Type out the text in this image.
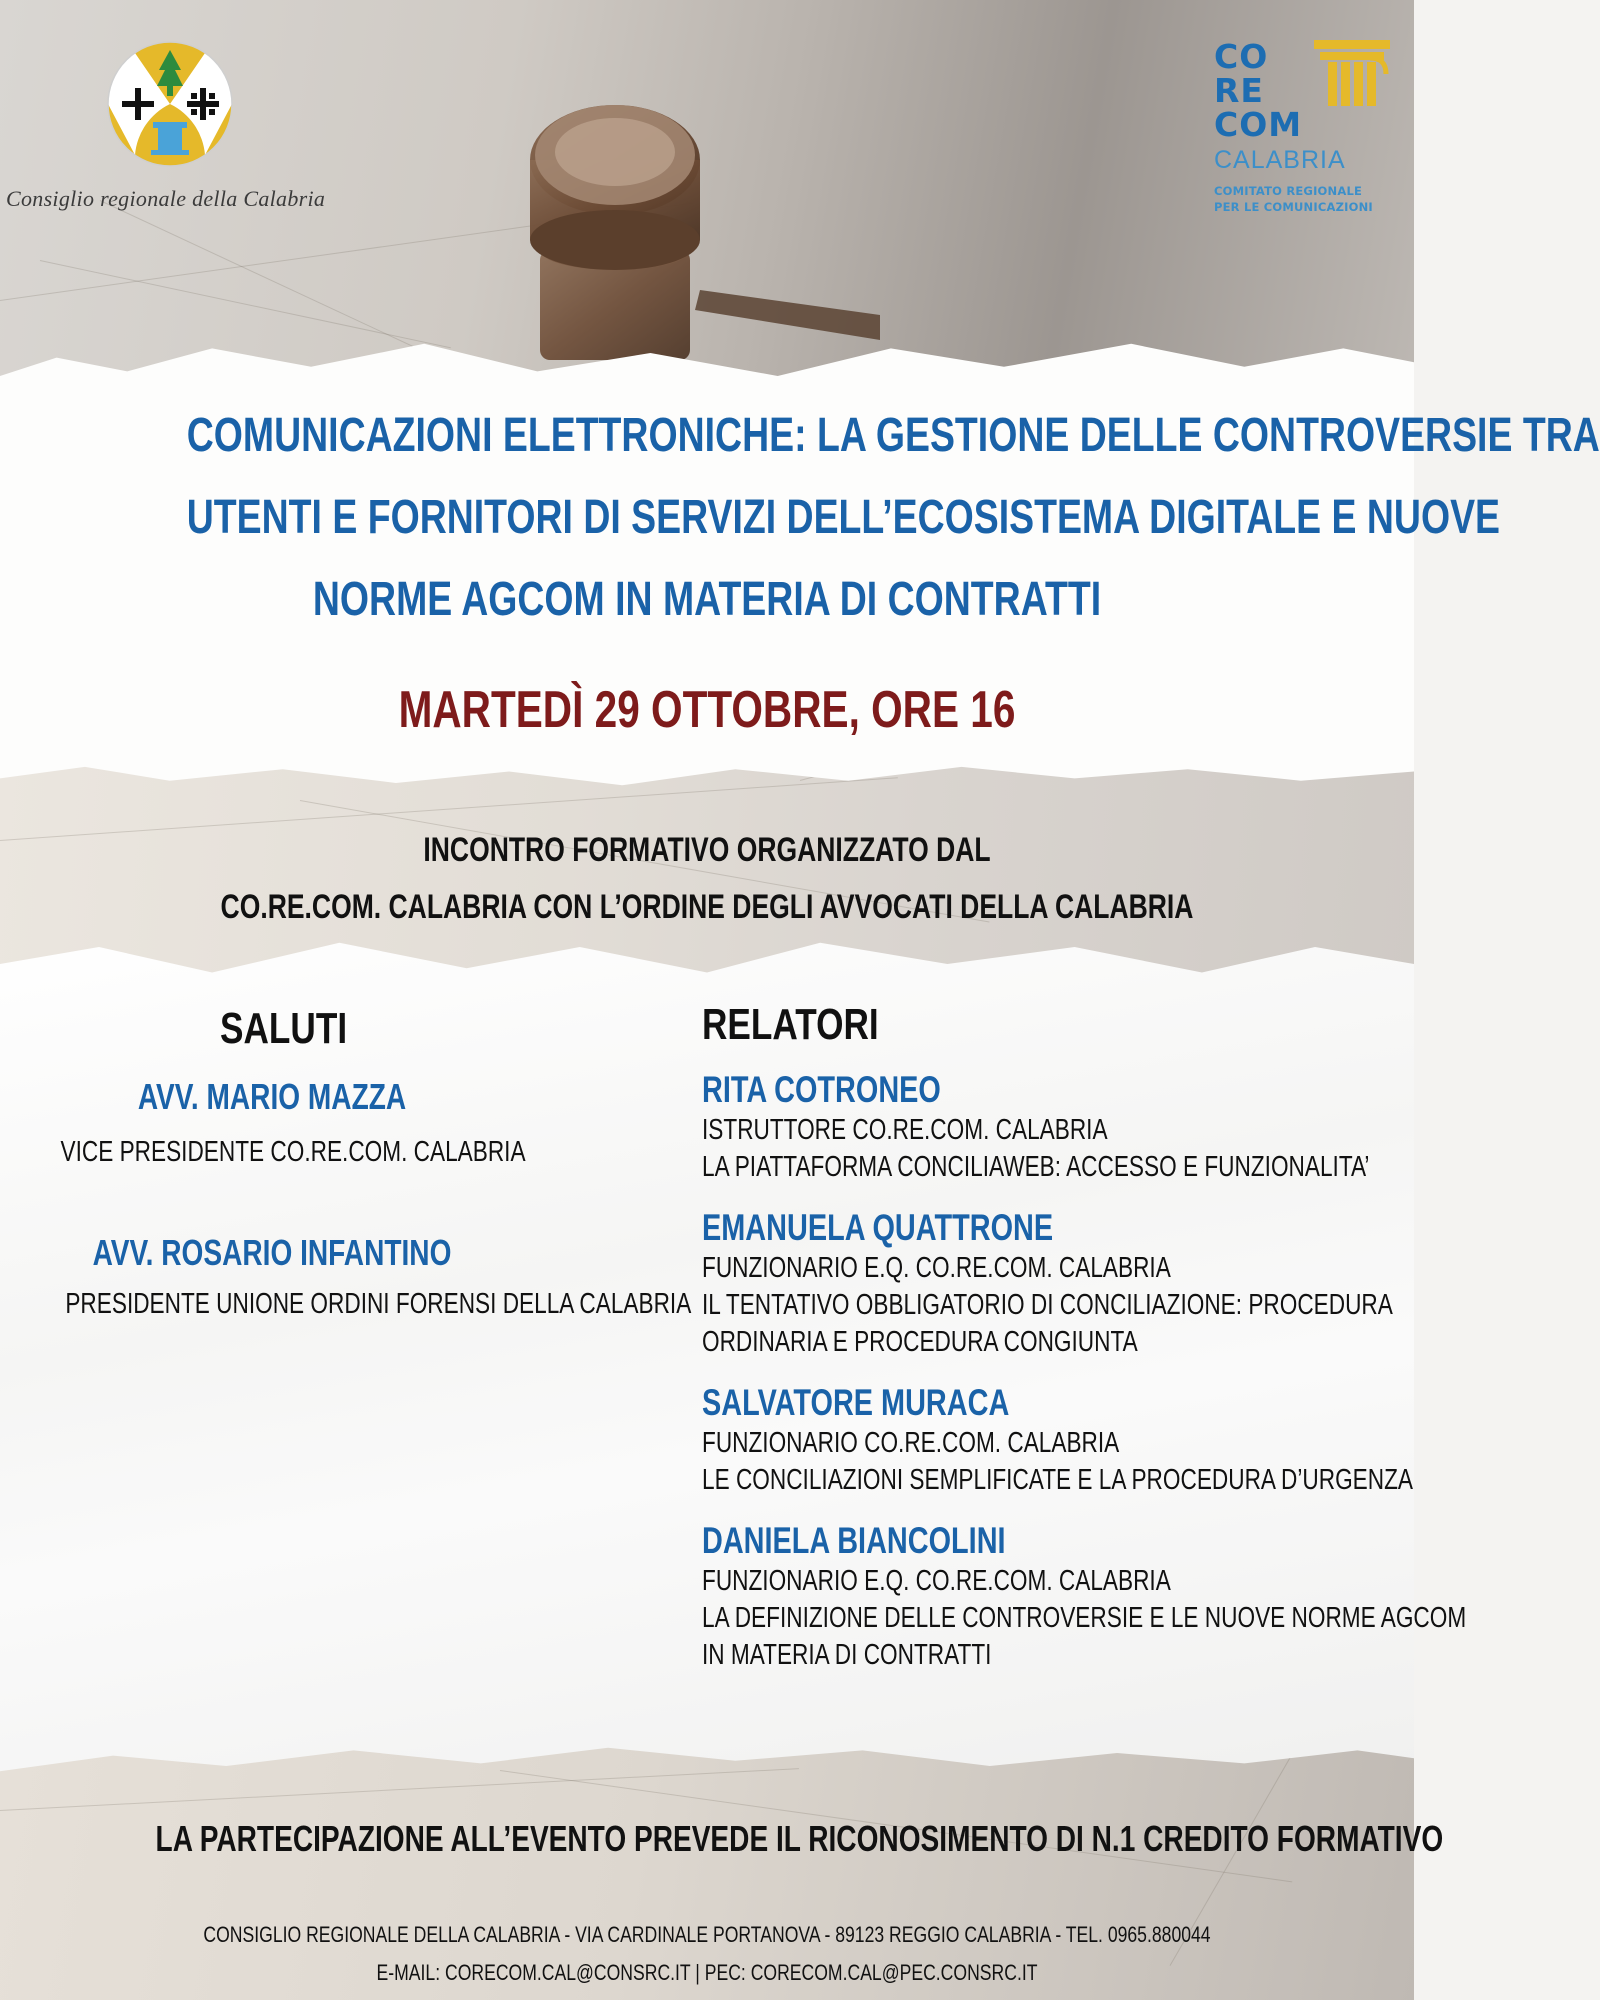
Consiglio regionale della Calabria
CO
RE
COM
CALABRIA
COMITATO REGIONALE
PER LE COMUNICAZIONI
COMUNICAZIONI ELETTRONICHE: LA GESTIONE DELLE CONTROVERSIE TRA
UTENTI E FORNITORI DI SERVIZI DELL’ECOSISTEMA DIGITALE E NUOVE
NORME AGCOM IN MATERIA DI CONTRATTI
MARTEDÌ 29 OTTOBRE, ORE 16
INCONTRO FORMATIVO ORGANIZZATO DAL
CO.RE.COM. CALABRIA CON L’ORDINE DEGLI AVVOCATI DELLA CALABRIA
SALUTI
AVV. MARIO MAZZA
VICE PRESIDENTE CO.RE.COM. CALABRIA
AVV. ROSARIO INFANTINO
PRESIDENTE UNIONE ORDINI FORENSI DELLA CALABRIA
RELATORI
RITA COTRONEO
ISTRUTTORE CO.RE.COM. CALABRIA
LA PIATTAFORMA CONCILIAWEB: ACCESSO E FUNZIONALITA’
EMANUELA QUATTRONE
FUNZIONARIO E.Q. CO.RE.COM. CALABRIA
IL TENTATIVO OBBLIGATORIO DI CONCILIAZIONE: PROCEDURA
ORDINARIA E PROCEDURA CONGIUNTA
SALVATORE MURACA
FUNZIONARIO CO.RE.COM. CALABRIA
LE CONCILIAZIONI SEMPLIFICATE E LA PROCEDURA D’URGENZA
DANIELA BIANCOLINI
FUNZIONARIO E.Q. CO.RE.COM. CALABRIA
LA DEFINIZIONE DELLE CONTROVERSIE E LE NUOVE NORME AGCOM
IN MATERIA DI CONTRATTI
LA PARTECIPAZIONE ALL’EVENTO PREVEDE IL RICONOSIMENTO DI N.1 CREDITO FORMATIVO
CONSIGLIO REGIONALE DELLA CALABRIA - VIA CARDINALE PORTANOVA - 89123 REGGIO CALABRIA - TEL. 0965.880044
E-MAIL: CORECOM.CAL@CONSRC.IT | PEC: CORECOM.CAL@PEC.CONSRC.IT
